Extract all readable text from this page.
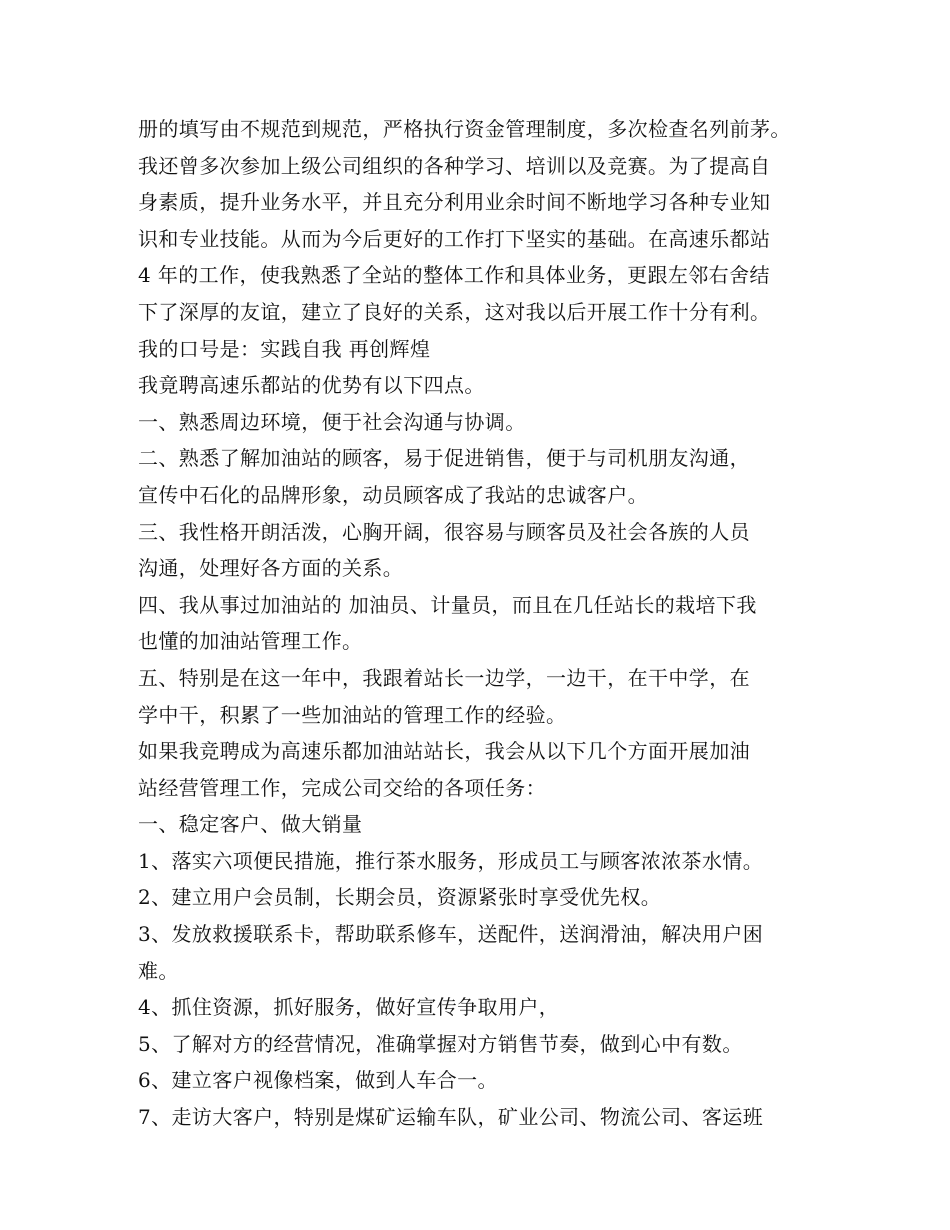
册的填写由不规范到规范，严格执行资金管理制度，多次检查名列前茅。
我还曾多次参加上级公司组织的各种学习、培训以及竞赛。为了提高自
身素质，提升业务水平，并且充分利用业余时间不断地学习各种专业知
识和专业技能。从而为今后更好的工作打下坚实的基础。在高速乐都站
4 年的工作，使我熟悉了全站的整体工作和具体业务，更跟左邻右舍结
下了深厚的友谊，建立了良好的关系，这对我以后开展工作十分有利。
我的口号是：实践自我 再创辉煌
我竟聘高速乐都站的优势有以下四点。
一、熟悉周边环境，便于社会沟通与协调。
二、熟悉了解加油站的顾客，易于促进销售，便于与司机朋友沟通，
宣传中石化的品牌形象，动员顾客成了我站的忠诚客户。
三、我性格开朗活泼，心胸开阔，很容易与顾客员及社会各族的人员
沟通，处理好各方面的关系。
四、我从事过加油站的 加油员、计量员，而且在几任站长的栽培下我
也懂的加油站管理工作。
五、特别是在这一年中，我跟着站长一边学，一边干，在干中学，在
学中干，积累了一些加油站的管理工作的经验。
如果我竞聘成为高速乐都加油站站长，我会从以下几个方面开展加油
站经营管理工作，完成公司交给的各项任务：
一、稳定客户、做大销量
1、落实六项便民措施，推行茶水服务，形成员工与顾客浓浓茶水情。
2、建立用户会员制，长期会员，资源紧张时享受优先权。
3、发放救援联系卡，帮助联系修车，送配件，送润滑油，解决用户困
难。
4、抓住资源，抓好服务，做好宣传争取用户，
5、了解对方的经营情况，准确掌握对方销售节奏，做到心中有数。
6、建立客户视像档案，做到人车合一。
7、走访大客户，特别是煤矿运输车队，矿业公司、物流公司、客运班
